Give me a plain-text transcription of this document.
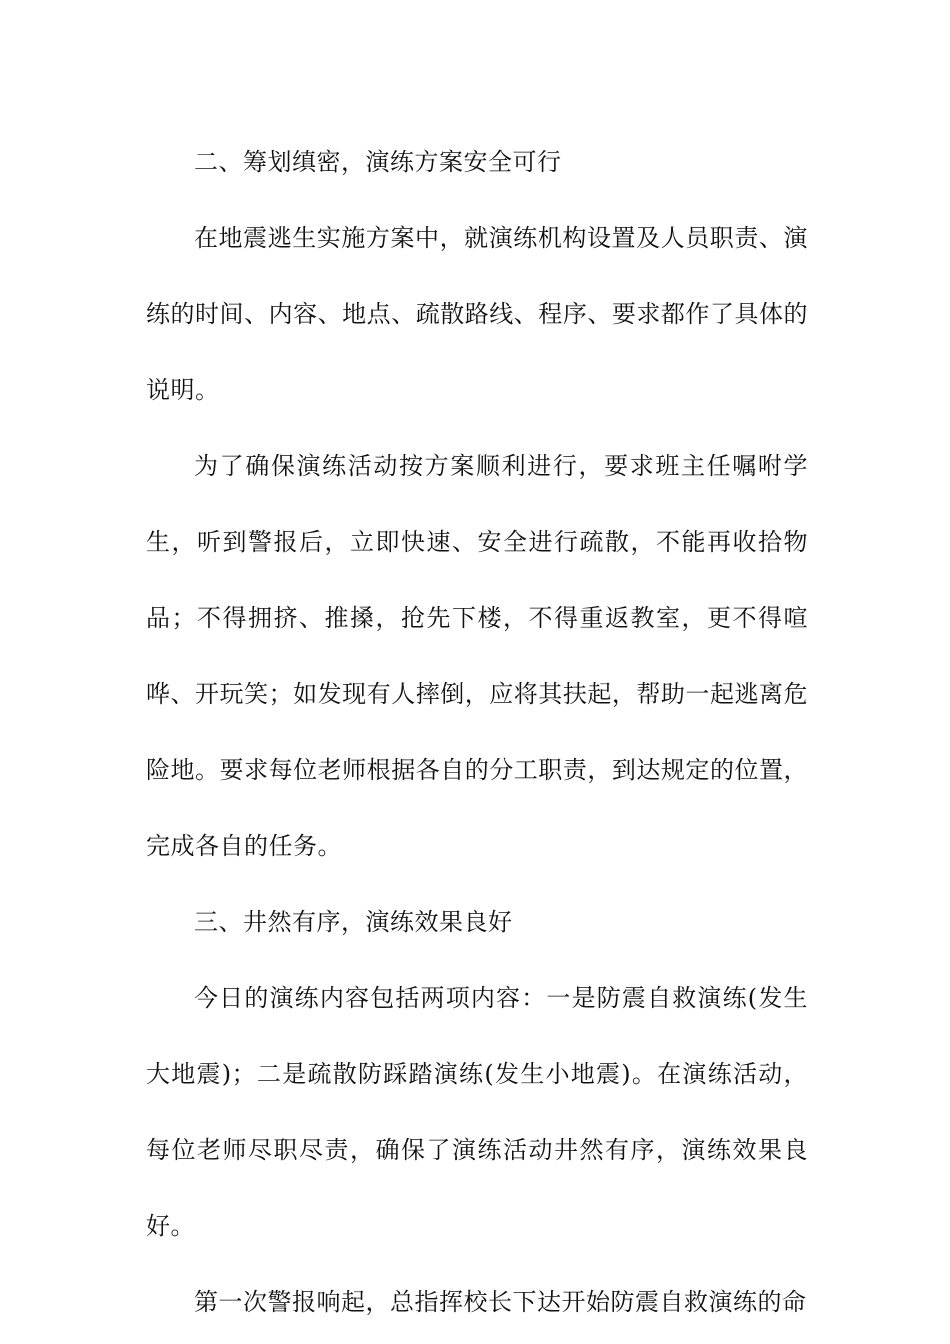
二、筹划缜密，演练方案安全可行

在地震逃生实施方案中，就演练机构设置及人员职责、演练的时间、内容、地点、疏散路线、程序、要求都作了具体的说明。

为了确保演练活动按方案顺利进行，要求班主任嘱咐学生，听到警报后，立即快速、安全进行疏散，不能再收拾物品；不得拥挤、推搡，抢先下楼，不得重返教室，更不得喧哗、开玩笑；如发现有人摔倒，应将其扶起，帮助一起逃离危险地。要求每位老师根据各自的分工职责，到达规定的位置，完成各自的任务。

三、井然有序，演练效果良好

今日的演练内容包括两项内容：一是防震自救演练(发生大地震)；二是疏散防踩踏演练(发生小地震)。在演练活动，每位老师尽职尽责，确保了演练活动井然有序，演练效果良好。

第一次警报响起，总指挥校长下达开始防震自救演练的命
